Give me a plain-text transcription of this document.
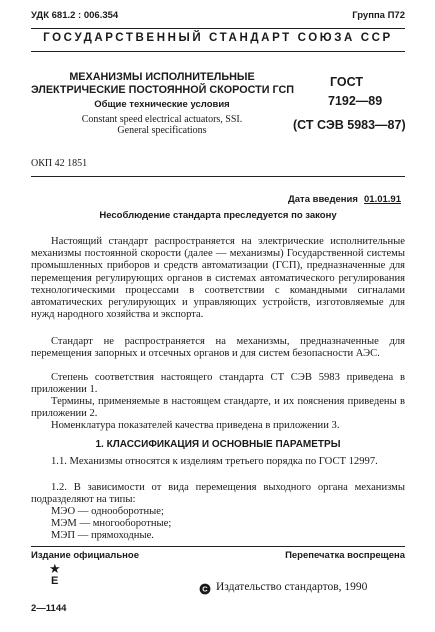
УДК 681.2 : 006.354	Группа П72
ГОСУДАРСТВЕННЫЙ СТАНДАРТ СОЮЗА ССР
МЕХАНИЗМЫ ИСПОЛНИТЕЛЬНЫЕ
ЭЛЕКТРИЧЕСКИЕ ПОСТОЯННОЙ СКОРОСТИ ГСП
Общие технические условия
Constant speed electrical actuators, SSI.
General specifications
ГОСТ
7192—89
(СТ СЭВ 5983—87)
ОКП 42 1851
Дата введения 01.01.91
Несоблюдение стандарта преследуется по закону
Настоящий стандарт распространяется на электрические исполнительные механизмы постоянной скорости (далее — механизмы) Государственной системы промышленных приборов и средств автоматизации (ГСП), предназначенные для перемещения регулирующих органов в системах автоматического регулирования технологическими процессами в соответствии с командными сигналами автоматических регулирующих и управляющих устройств, изготовляемые для нужд народного хозяйства и экспорта.
Стандарт не распространяется на механизмы, предназначенные для перемещения запорных и отсечных органов и для систем безопасности АЭС.
Степень соответствия настоящего стандарта СТ СЭВ 5983 приведена в приложении 1.
Термины, применяемые в настоящем стандарте, и их пояснения приведены в приложении 2.
Номенклатура показателей качества приведена в приложении 3.
1. КЛАССИФИКАЦИЯ И ОСНОВНЫЕ ПАРАМЕТРЫ
1.1. Механизмы относятся к изделиям третьего порядка по ГОСТ 12997.
1.2. В зависимости от вида перемещения выходного органа механизмы подразделяют на типы:
МЭО — однооборотные;
МЭМ — многооборотные;
МЭП — прямоходные.
Издание официальное	Перепечатка воспрещена
★
Е
C Издательство стандартов, 1990
2—1144
